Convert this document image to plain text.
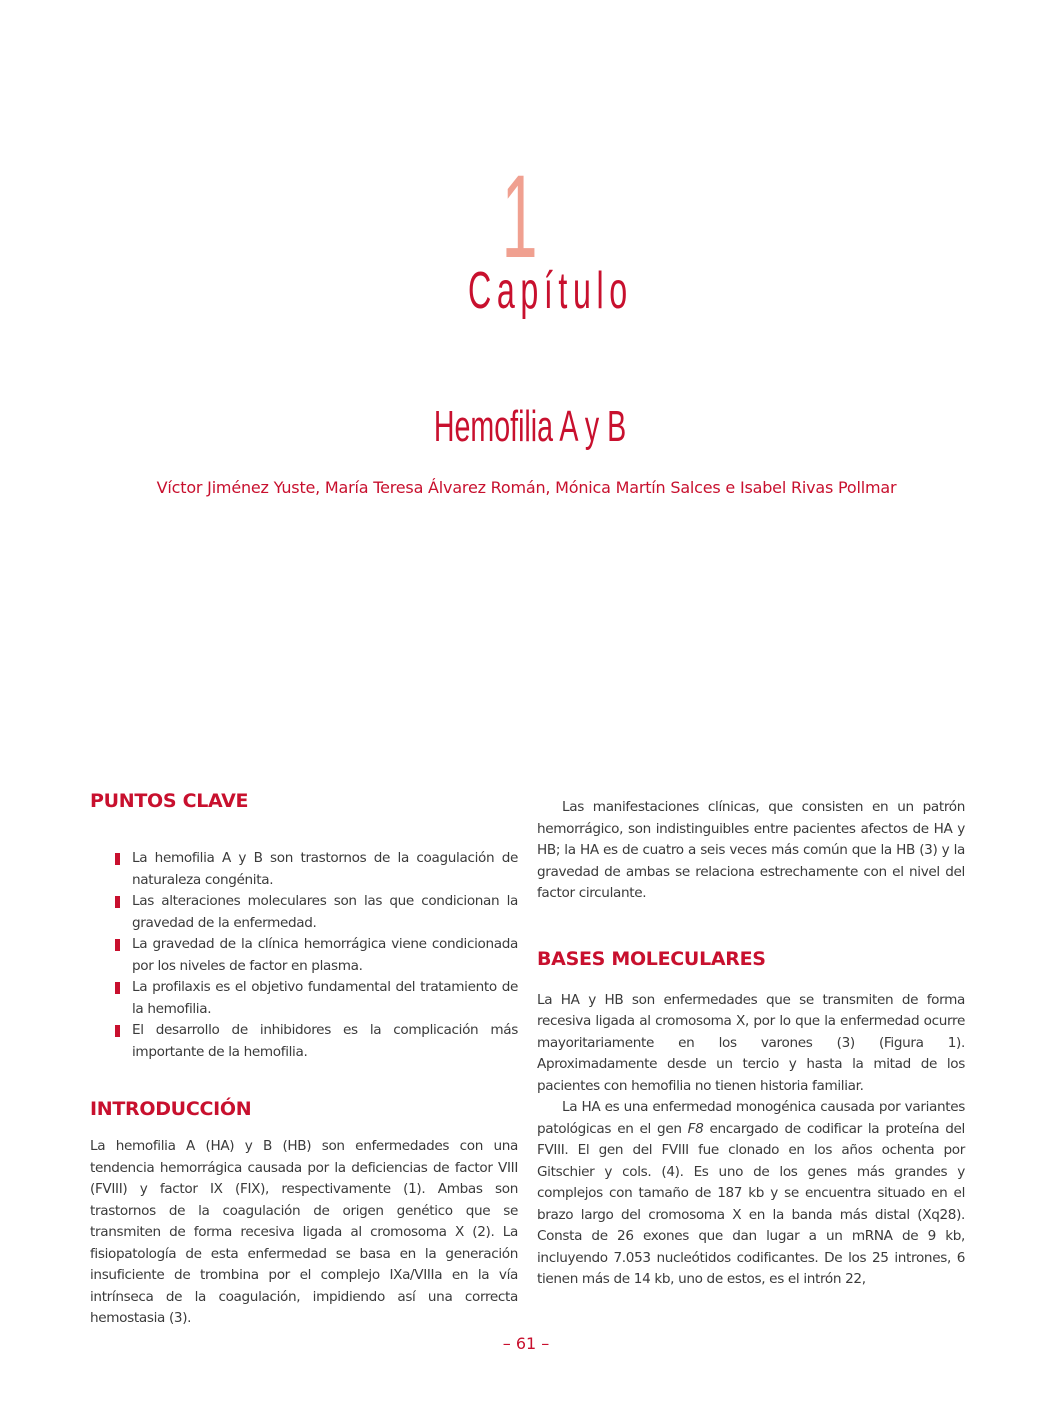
1
Capítulo
Hemofilia A y B
Víctor Jiménez Yuste, María Teresa Álvarez Román, Mónica Martín Salces e Isabel Rivas Pollmar
PUNTOS CLAVE
La hemofilia A y B son trastornos de la coagulación de naturaleza congénita.
Las alteraciones moleculares son las que condicionan la gravedad de la enfermedad.
La gravedad de la clínica hemorrágica viene condicionada por los niveles de factor en plasma.
La profilaxis es el objetivo fundamental del tratamiento de la hemofilia.
El desarrollo de inhibidores es la complicación más importante de la hemofilia.
INTRODUCCIÓN

La hemofilia A (HA) y B (HB) son enfermedades con una tendencia hemorrágica causada por la deficiencias de factor VIII (FVIII) y factor IX (FIX), respectivamente (1). Ambas son trastornos de la coagulación de origen genético que se transmiten de forma recesiva ligada al cromosoma X (2). La fisiopatología de esta enfermedad se basa en la generación insuficiente de trombina por el complejo IXa/VIIIa en la vía intrínseca de la coagulación, impidiendo así una correcta hemostasia (3).

Las manifestaciones clínicas, que consisten en un patrón hemorrágico, son indistinguibles entre pacientes afectos de HA y HB; la HA es de cuatro a seis veces más común que la HB (3) y la gravedad de ambas se relaciona estrechamente con el nivel del factor circulante.

BASES MOLECULARES

La HA y HB son enfermedades que se transmiten de forma recesiva ligada al cromosoma X, por lo que la enfermedad ocurre mayoritariamente en los varones (3) (Figura 1). Aproximadamente desde un tercio y hasta la mitad de los pacientes con hemofilia no tienen historia familiar.

La HA es una enfermedad monogénica causada por variantes patológicas en el gen F8 encargado de codificar la proteína del FVIII. El gen del FVIII fue clonado en los años ochenta por Gitschier y cols. (4). Es uno de los genes más grandes y complejos con tamaño de 187 kb y se encuentra situado en el brazo largo del cromosoma X en la banda más distal (Xq28). Consta de 26 exones que dan lugar a un mRNA de 9 kb, incluyendo 7.053 nucleótidos codificantes. De los 25 intrones, 6 tienen más de 14 kb, uno de estos, es el intrón 22,

– 61 –
